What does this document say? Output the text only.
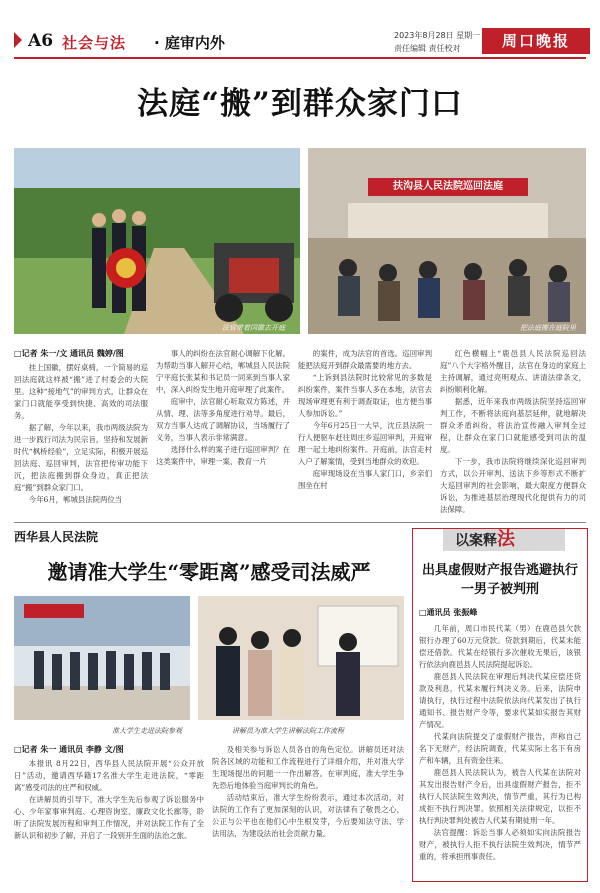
A6 社会与法 · 庭审内外	2023年8月28日 星期一
责任编辑 责任校对	周口晚报
法庭“搬”到群众家门口
法官带着国徽去开庭
扶沟县人民法院巡回法庭
把法庭搬在庭院里
□记者 朱一/文 通讯员 魏婷/图

挂上国徽，摆好桌椅，一个简易的巡回法庭就这样被“搬”进了村委会的大院里。这种“接地气”的审判方式，让群众在家门口就能享受到快捷、高效的司法服务。

据了解，今年以来，我市两级法院为进一步践行司法为民宗旨，坚持和发展新时代“枫桥经验”，立足实际，积极开展巡回法庭、巡回审判，法官把传审功能下沉，把法庭搬到群众身边，真正把法庭“搬”到群众家门口。

今年6月，郸城县法院两位当

事人的纠纷在法官耐心调解下化解。为帮助当事人解开心结，郸城县人民法院宁平庭长张某和书记员一同来到当事人家中，深入纠纷发生地开庭审理了此案件。

庭审中，法官耐心听取双方陈述，并从情、理、法等多角度进行劝导。最后，双方当事人达成了调解协议，当场履行了义务，当事人表示非常满意。

选择什么样的案子进行巡回审判？在这类案件中，审理一案、教育一片

的案件，成为法官的首选。巡回审判能把法庭开到群众最需要的地方去。

“上诉到县法院时比较常见的多数是纠纷案件，案件当事人多在本地，法官去现场审理更有利于调查取证，也方便当事人参加诉讼。”

今年6月25日一大早，沈丘县法院一行人便驱车赶往周庄乡巡回审判，开庭审理一起土地纠纷案件。开庭前，法官走村入户了解案情，受到当地群众的欢迎。

庭审现场设在当事人家门口，乡亲们围坐在村

红色横幅上“鹿邑县人民法院巡回法庭”八个大字格外醒目，法官在身边的家庭上主持调解，通过亮明观点、讲清法律条文，纠纷顺利化解。

据悉，近年来我市两级法院坚持巡回审判工作，不断将法庭向基层延伸，就地解决群众矛盾纠纷，将法治宣传融入审判全过程，让群众在家门口就能感受到司法的温度。

下一步，我市法院将继续深化巡回审判方式，以公开审判、送法下乡等形式不断扩大巡回审判的社会影响，最大限度方便群众诉讼，为推进基层治理现代化提供有力的司法保障。

西华县人民法院
邀请准大学生“零距离”感受司法威严
准大学生走进法院参观	讲解员为准大学生讲解法院工作流程
□记者 朱一 通讯员 李静 文/图

本报讯 8月22日，西华县人民法院开展“公众开放日”活动，邀请西华籍17名准大学生走进法院，“零距离”感受司法的庄严和权威。

在讲解员的引导下，准大学生先后参观了诉讼服务中心、少年家事审判庭、心理咨询室、廉政文化长廊等，聆听了法院发展历程和审判工作情况，并对法院工作有了全新认识和初步了解，开启了一段别开生面的法治之旅。

及相关参与诉讼人员各自的角色定位。讲解员还对法院各区域的功能和工作流程进行了详细介绍，并对准大学生现场提出的问题一一作出解答。在审判庭，准大学生争先恐后地体验当庭审判长的角色。

活动结束后，准大学生纷纷表示，通过本次活动，对法院的工作有了更加深刻的认识，对法律有了敬畏之心，公正与公平也在他们心中生根发芽，今后要知法守法、学法用法，为建设法治社会贡献力量。

以案释法
出具虚假财产报告逃避执行 一男子被判刑
□通讯员 张振峰

几年前，周口市民代某（男）在鹿邑县欠款银行办理了60万元贷款。贷款到期后，代某未能偿还借款。代某在经银行多次催收无果后，该银行依法向鹿邑县人民法院提起诉讼。

鹿邑县人民法院在审理后判决代某应偿还贷款及利息，代某未履行判决义务。后来，法院申请执行，执行过程中法院依法向代某发出了执行通知书、报告财产令等，要求代某如实报告其财产情况。

代某向法院提交了虚假财产报告，声称自己名下无财产，经法院调查，代某实际上名下有房产和车辆，且有资金往来。

鹿邑县人民法院认为，被告人代某在法院对其发出报告财产令后，出具虚假财产报告，拒不执行人民法院生效判决，情节严重，其行为已构成拒不执行判决罪。依照相关法律规定，以拒不执行判决罪判处被告人代某有期徒刑一年。

法官提醒：诉讼当事人必须如实向法院报告财产，被执行人拒不执行法院生效判决，情节严重的，将承担刑事责任。
